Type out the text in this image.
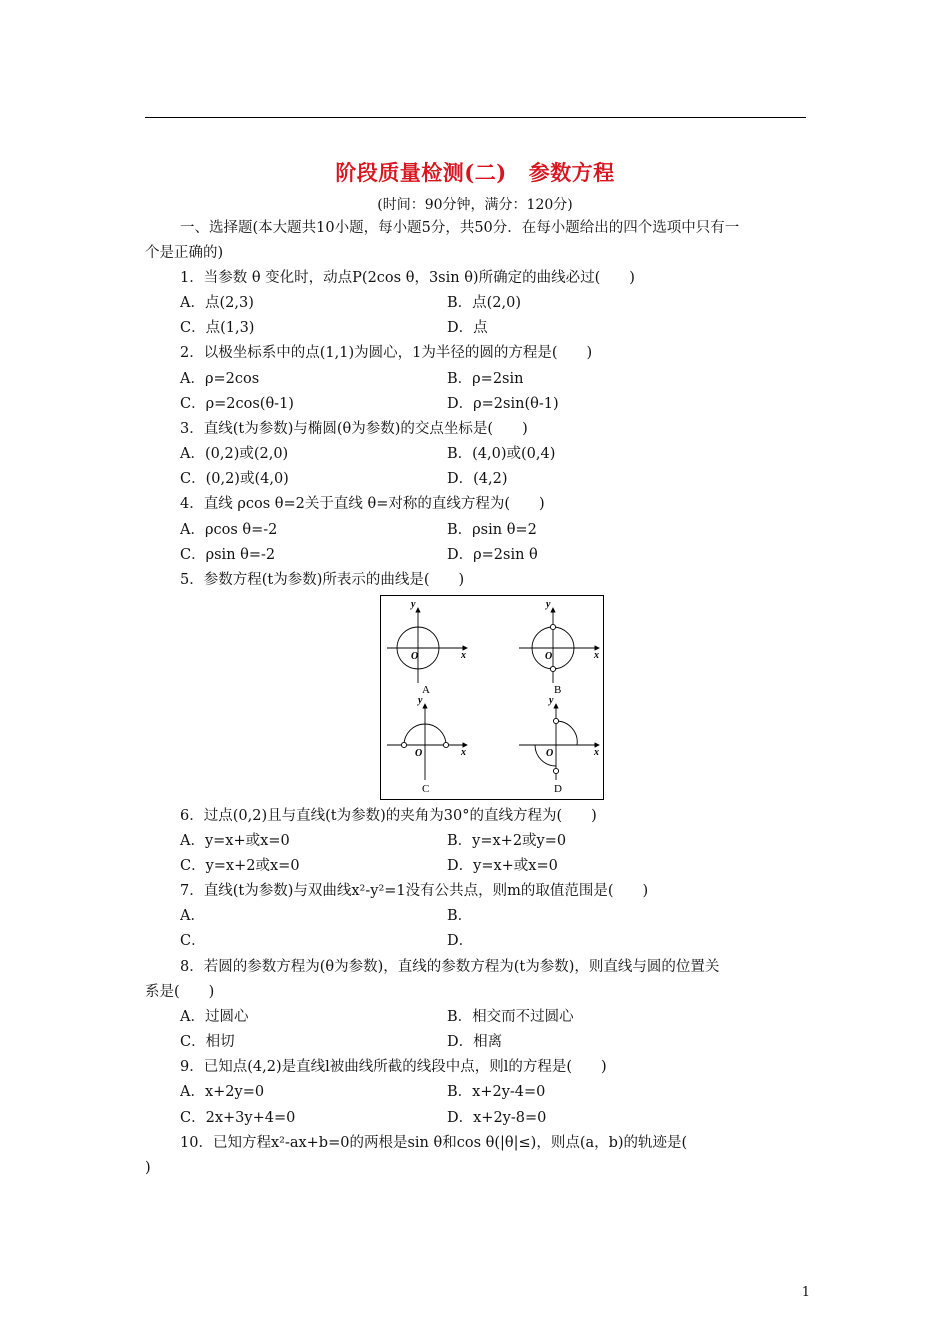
阶段质量检测(二) 参数方程
(时间：90分钟，满分：120分)
一、选择题(本大题共10小题，每小题5分，共50分．在每小题给出的四个选项中只有一
个是正确的)
1．当参数 θ 变化时，动点P(2cos θ，3sin θ)所确定的曲线必过(　　)
A．点(2,3)	B．点(2,0)
C．点(1,3)	D．点
2．以极坐标系中的点(1,1)为圆心，1为半径的圆的方程是(　　)
A．ρ=2cos	B．ρ=2sin
C．ρ=2cos(θ-1)	D．ρ=2sin(θ-1)
3．直线(t为参数)与椭圆(θ为参数)的交点坐标是(　　)
A．(0,2)或(2,0)	B．(4,0)或(0,4)
C．(0,2)或(4,0)	D．(4,2)
4．直线 ρcos θ=2关于直线 θ=对称的直线方程为(　　)
A．ρcos θ=-2	B．ρsin θ=2
C．ρsin θ=-2	D．ρ=2sin θ
5．参数方程(t为参数)所表示的曲线是(　　)
y
x
O
y
x
O
y
x
O
y
x
O
A	B
C	D
6．过点(0,2)且与直线(t为参数)的夹角为30°的直线方程为(　　)
A．y=x+或x=0	B．y=x+2或y=0
C．y=x+2或x=0	D．y=x+或x=0
7．直线(t为参数)与双曲线x²-y²=1没有公共点，则m的取值范围是(　　)
A．	B．
C．	D．
8．若圆的参数方程为(θ为参数)，直线的参数方程为(t为参数)，则直线与圆的位置关
系是(　　)
A．过圆心	B．相交而不过圆心
C．相切	D．相离
9．已知点(4,2)是直线l被曲线所截的线段中点，则l的方程是(　　)
A．x+2y=0	B．x+2y-4=0
C．2x+3y+4=0	D．x+2y-8=0
10．已知方程x²-ax+b=0的两根是sin θ和cos θ(|θ|≤)，则点(a，b)的轨迹是(
)
1
